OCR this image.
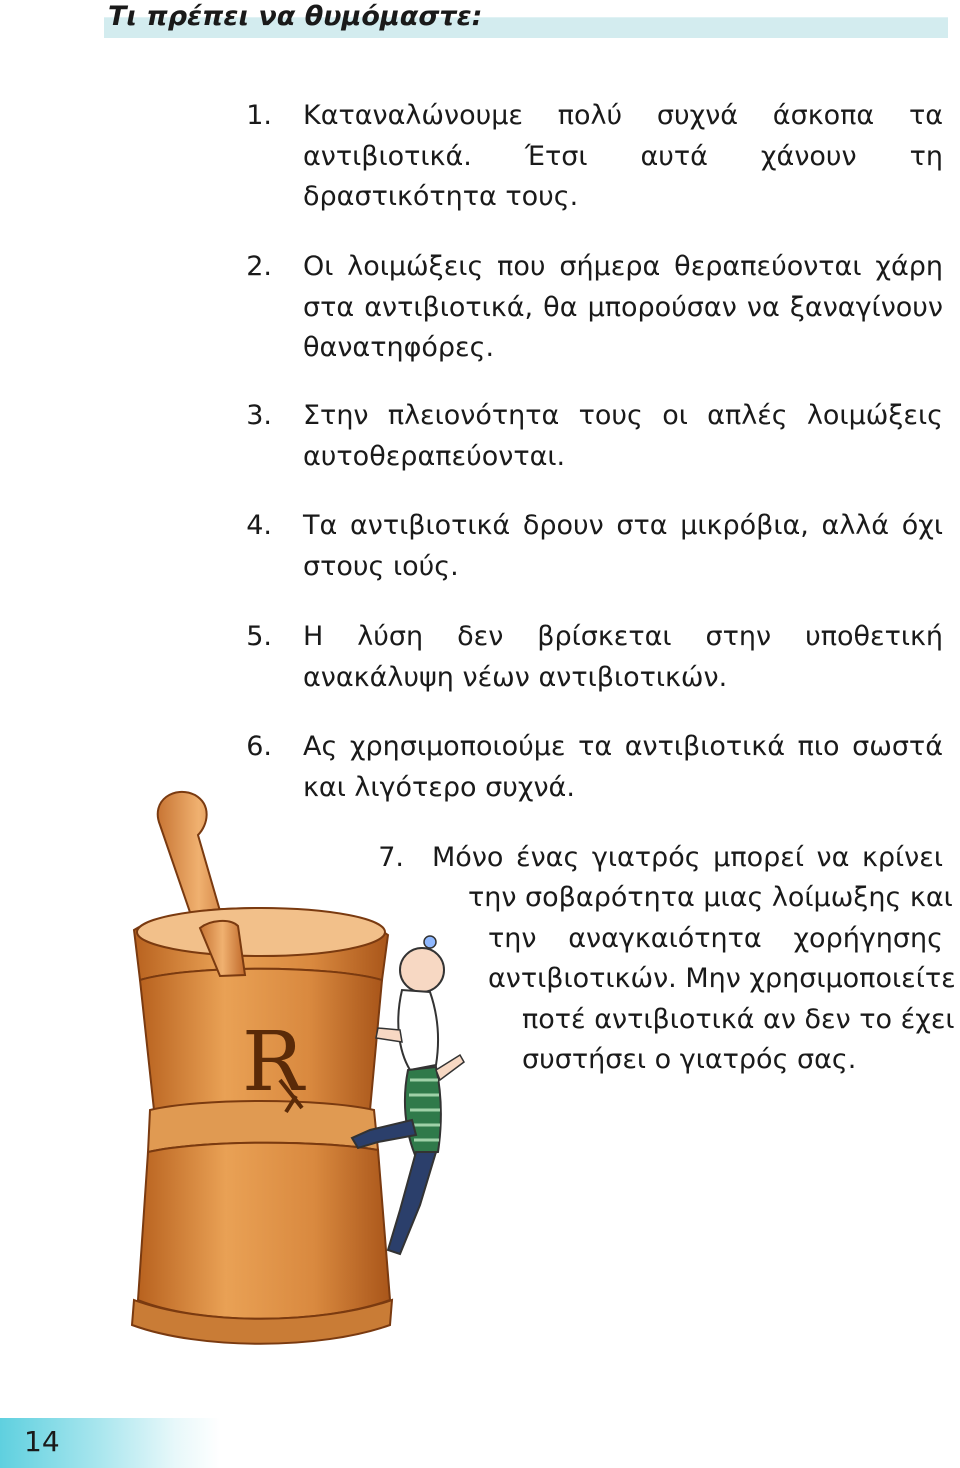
Τι πρέπει να θυμόμαστε:
1. Καταναλώνουμε πολύ συχνά άσκοπα τα αντιβιοτικά. Έτσι αυτά χάνουν τη δραστικότητα τους.
2. Οι λοιμώξεις που σήμερα θεραπεύονται χάρη στα αντιβιοτικά, θα μπορούσαν να ξαναγίνουν θανατηφόρες.
3. Στην πλειονότητα τους οι απλές λοιμώξεις αυτοθεραπεύονται.
4. Τα αντιβιοτικά δρουν στα μικρόβια, αλλά όχι στους ιούς.
5. Η λύση δεν βρίσκεται στην υποθετική ανακάλυψη νέων αντιβιοτικών.
6. Ας χρησιμοποιούμε τα αντιβιοτικά πιο σωστά και λιγότερο συχνά.
7. Μόνο ένας γιατρός μπορεί να κρίνει
την σοβαρότητα μιας λοίμωξης και
την αναγκαιότητα χορήγησης
αντιβιοτικών. Μην χρησιμοποιείτε
ποτέ αντιβιοτικά αν δεν το έχει
συστήσει ο γιατρός σας.
R
14
